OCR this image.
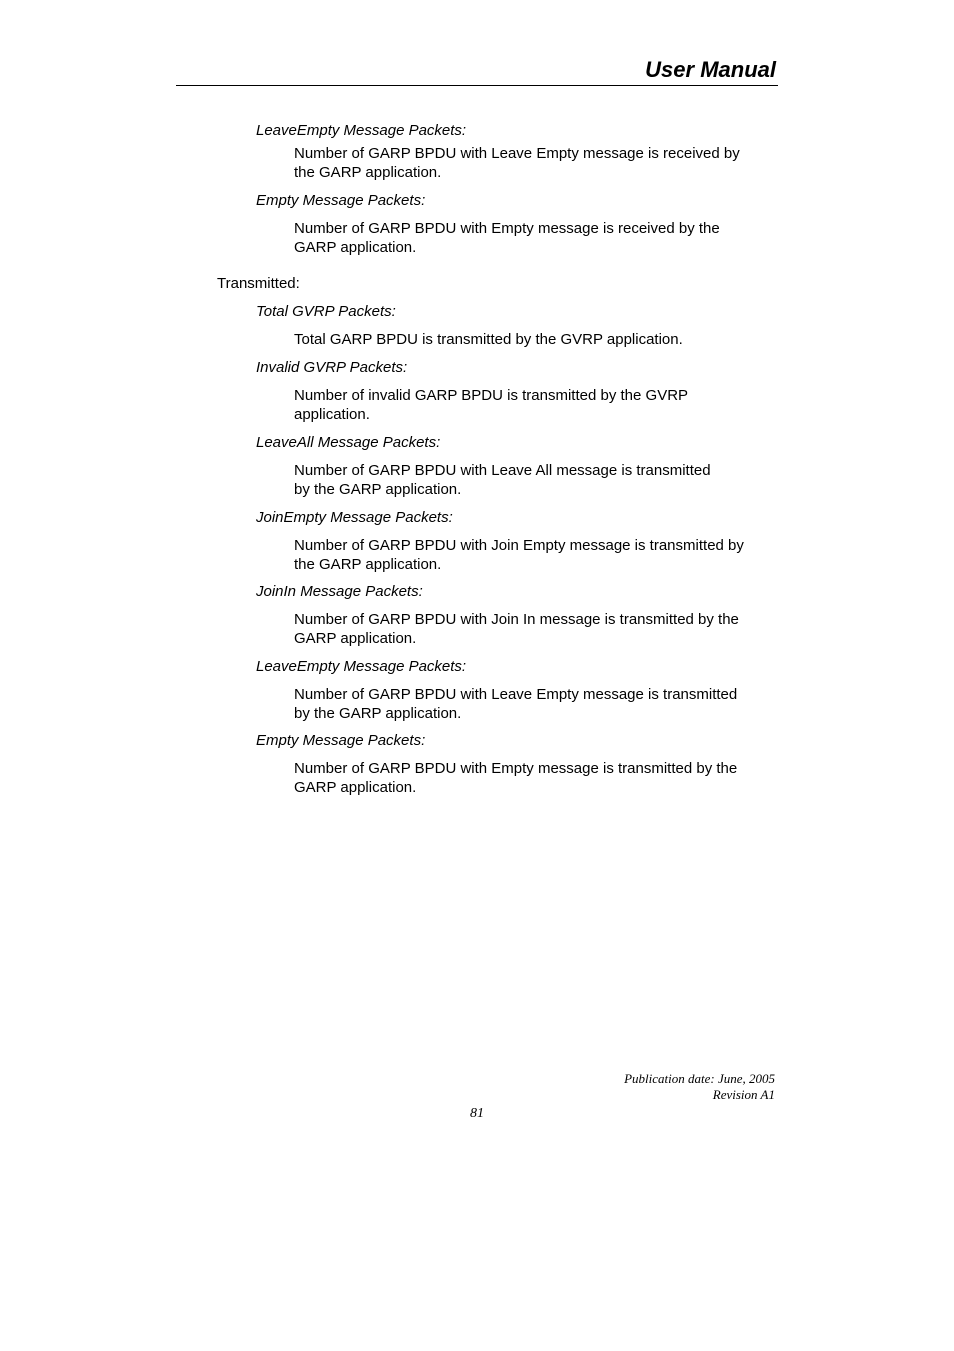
User Manual
LeaveEmpty Message Packets:
Number of GARP BPDU with Leave Empty message is received by
the GARP application.
Empty Message Packets:
Number of GARP BPDU with Empty message is received by the
GARP application.
Transmitted:
Total GVRP Packets:
Total GARP BPDU is transmitted by the GVRP application.
Invalid GVRP Packets:
Number of invalid GARP BPDU is transmitted by the GVRP
application.
LeaveAll Message Packets:
Number of GARP BPDU with Leave All message is transmitted
by the GARP application.
JoinEmpty Message Packets:
Number of GARP BPDU with Join Empty message is transmitted by
the GARP application.
JoinIn Message Packets:
Number of GARP BPDU with Join In message is transmitted by the
GARP application.
LeaveEmpty Message Packets:
Number of GARP BPDU with Leave Empty message is transmitted
by the GARP application.
Empty Message Packets:
Number of GARP BPDU with Empty message is transmitted by the
GARP application.
Publication date: June, 2005
Revision A1
81
